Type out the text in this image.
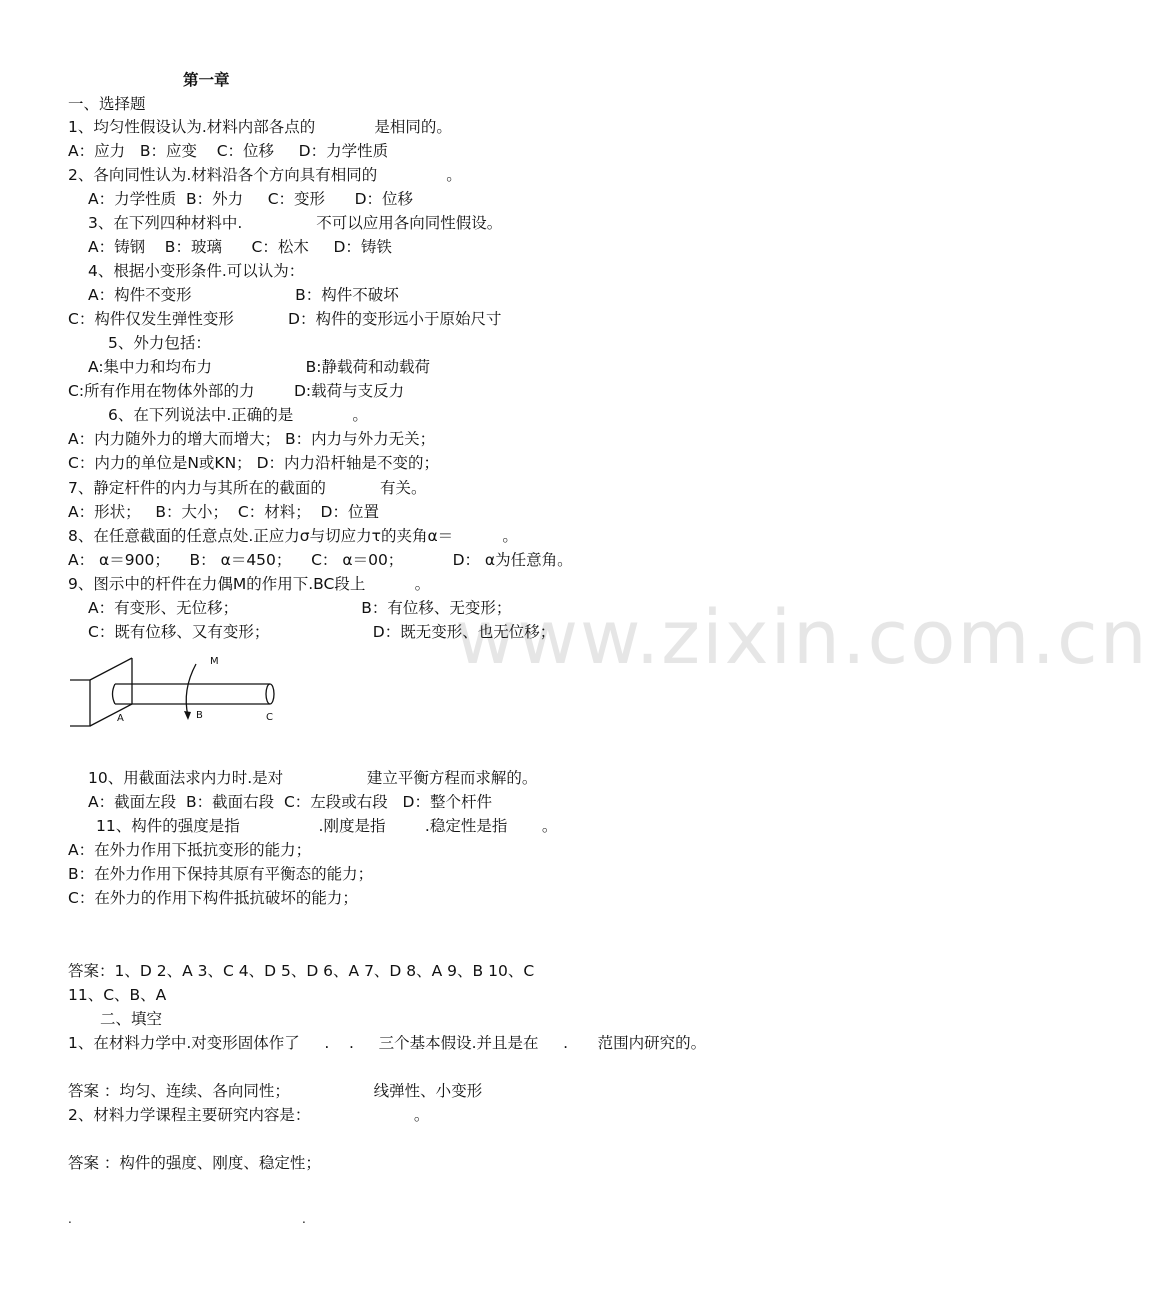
www.zixin.com.cn
第一章
一、选择题
1、均匀性假设认为.材料内部各点的            是相同的。
A：应力   B：应变    C：位移     D：力学性质
2、各向同性认为.材料沿各个方向具有相同的              。
A：力学性质  B：外力     C：变形      D：位移
3、在下列四种材料中.               不可以应用各向同性假设。
A：铸钢    B：玻璃      C：松木     D：铸铁
4、根据小变形条件.可以认为：
A：构件不变形                     B：构件不破坏
C：构件仅发生弹性变形           D：构件的变形远小于原始尺寸
5、外力包括：
A:集中力和均布力                   B:静载荷和动载荷
C:所有作用在物体外部的力        D:载荷与支反力
6、在下列说法中.正确的是            。
A：内力随外力的增大而增大； B：内力与外力无关；
C：内力的单位是N或KN； D：内力沿杆轴是不变的；
7、静定杆件的内力与其所在的截面的           有关。
A：形状；   B：大小；  C：材料；  D：位置
8、在任意截面的任意点处.正应力σ与切应力τ的夹角α＝          。
A： α＝900；    B： α＝450；    C： α＝00；          D： α为任意角。
9、图示中的杆件在力偶M的作用下.BC段上          。
A：有变形、无位移；                         B：有位移、无变形；
C：既有位移、又有变形；                     D：既无变形、也无位移；
M
A	B	C
10、用截面法求内力时.是对                 建立平衡方程而求解的。
A：截面左段  B：截面右段  C：左段或右段   D：整个杆件
11、构件的强度是指                .刚度是指        .稳定性是指       。
A：在外力作用下抵抗变形的能力；
B：在外力作用下保持其原有平衡态的能力；
C：在外力的作用下构件抵抗破坏的能力；
答案：1、D 2、A 3、C 4、D 5、D 6、A 7、D 8、A 9、B 10、C
11、C、B、A
二、填空
1、在材料力学中.对变形固体作了     .    .     三个基本假设.并且是在     .      范围内研究的。
答案 ：均匀、连续、各向同性；                 线弹性、小变形
2、材料力学课程主要研究内容是：                     。
答案 ：构件的强度、刚度、稳定性；
.	.
